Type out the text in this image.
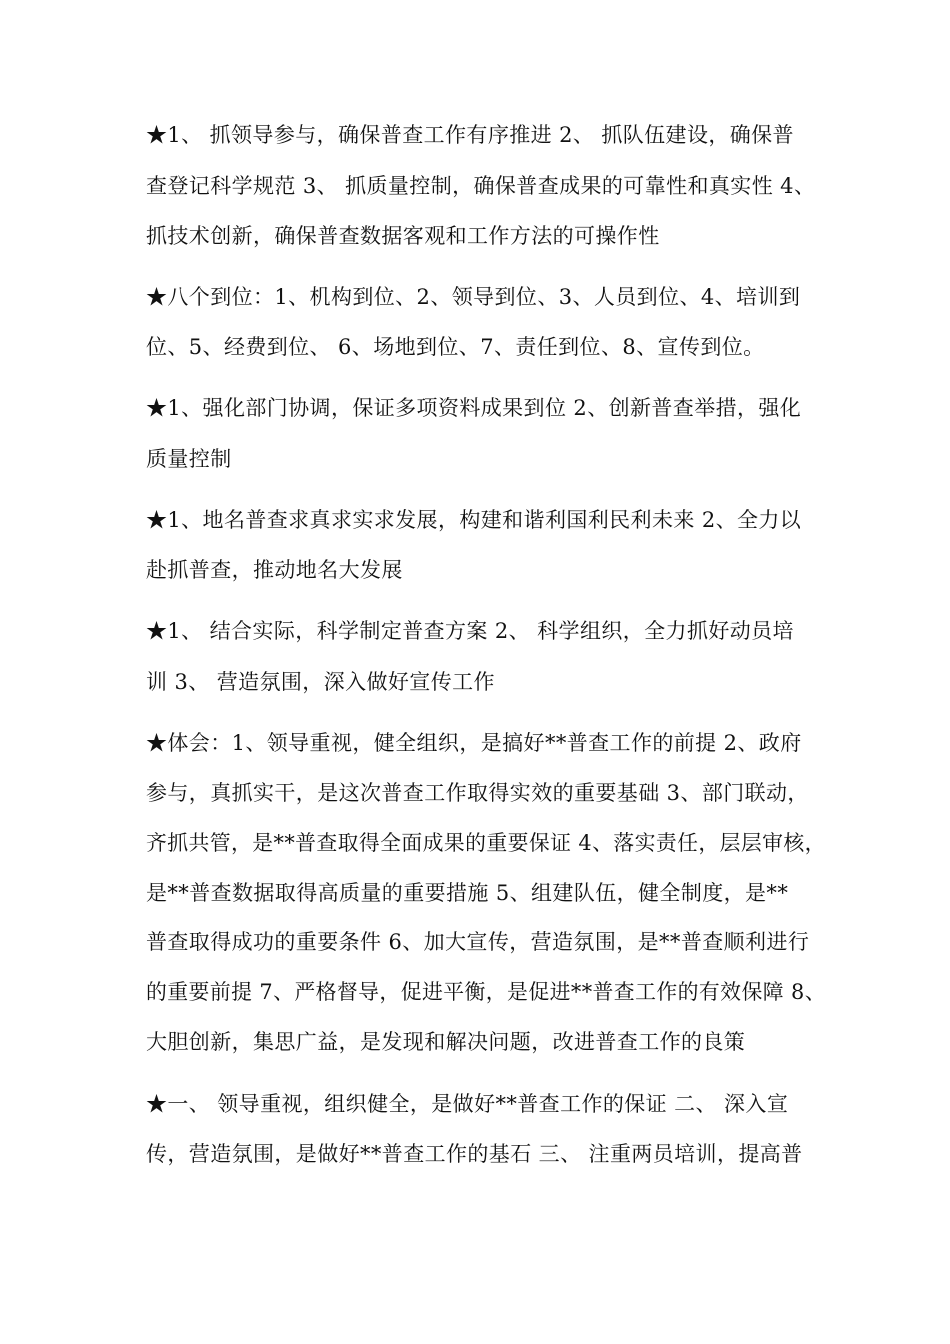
★1、 抓领导参与，确保普查工作有序推进 2、 抓队伍建设，确保普
查登记科学规范 3、 抓质量控制，确保普查成果的可靠性和真实性 4、
抓技术创新，确保普查数据客观和工作方法的可操作性
★八个到位：1、机构到位、2、领导到位、3、人员到位、4、培训到
位、5、经费到位、 6、场地到位、7、责任到位、8、宣传到位。
★1、强化部门协调，保证多项资料成果到位 2、创新普查举措，强化
质量控制
★1、地名普查求真求实求发展，构建和谐利国利民利未来 2、全力以
赴抓普查，推动地名大发展
★1、 结合实际，科学制定普查方案 2、 科学组织，全力抓好动员培
训 3、 营造氛围，深入做好宣传工作
★体会：1、领导重视，健全组织，是搞好**普查工作的前提 2、政府
参与，真抓实干，是这次普查工作取得实效的重要基础 3、部门联动，
齐抓共管，是**普查取得全面成果的重要保证 4、落实责任，层层审核，
是**普查数据取得高质量的重要措施 5、组建队伍，健全制度，是**
普查取得成功的重要条件 6、加大宣传，营造氛围，是**普查顺利进行
的重要前提 7、严格督导，促进平衡，是促进**普查工作的有效保障 8、
大胆创新，集思广益，是发现和解决问题，改进普查工作的良策
★一、 领导重视，组织健全，是做好**普查工作的保证 二、 深入宣
传，营造氛围，是做好**普查工作的基石 三、 注重两员培训，提高普
